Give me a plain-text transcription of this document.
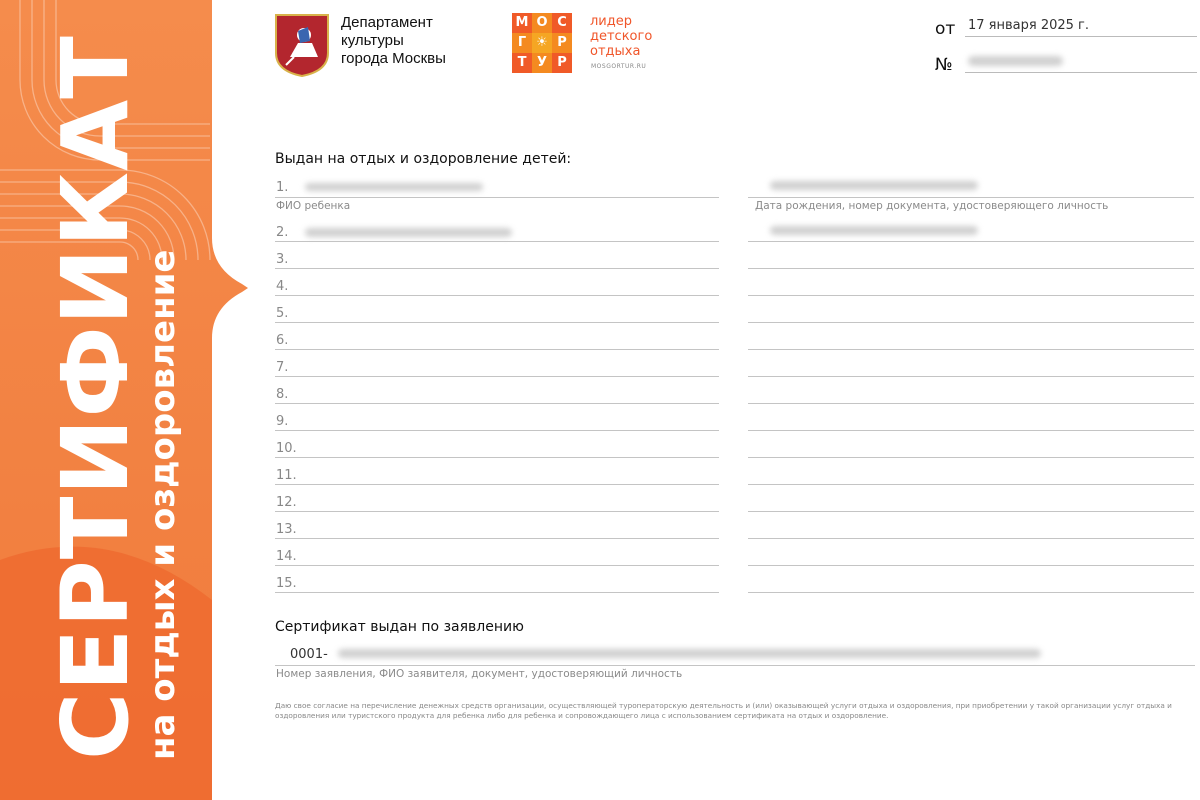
СЕРТИФИКАТ
на отдых и оздоровление
Департамент
культуры
города Москвы
М О С
Г ☀ Р
Т У Р
лидер
детского
отдыха
MOSGORTUR.RU
от 17 января 2025 г.
№
Выдан на отдых и оздоровление детей:
1.
ФИО ребенка	Дата рождения, номер документа, удостоверяющего личность
2.
3.
4.
5.
6.
7.
8.
9.
10.
11.
12.
13.
14.
15.
Сертификат выдан по заявлению
0001-
Номер заявления, ФИО заявителя, документ, удостоверяющий личность
Даю свое согласие на перечисление денежных средств организации, осуществляющей туроператорскую деятельность и (или) оказывающей услуги отдыха и оздоровления, при приобретении у такой организации услуг отдыха и оздоровления или туристского продукта для ребенка либо для ребенка и сопровождающего лица с использованием сертификата на отдых и оздоровление.
